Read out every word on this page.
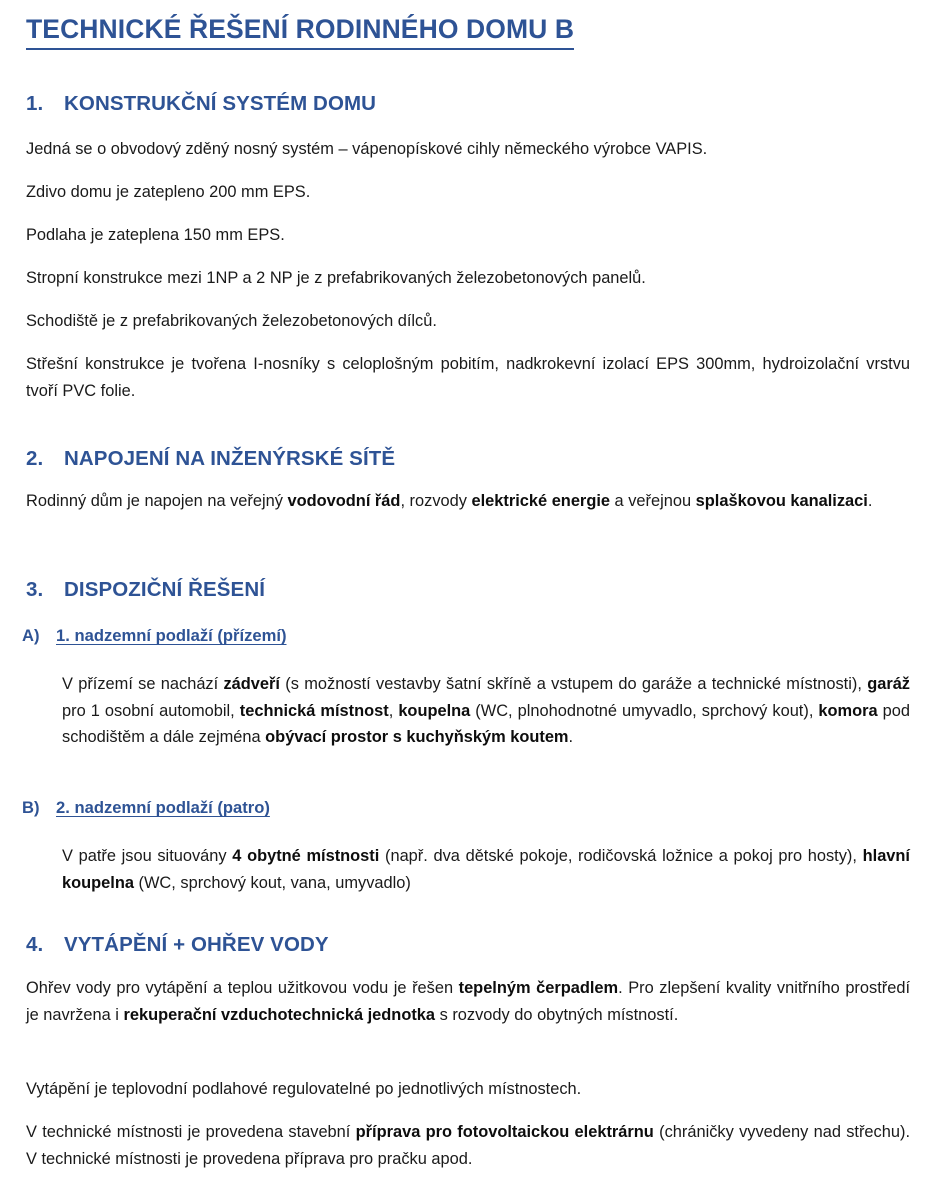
TECHNICKÉ ŘEŠENÍ RODINNÉHO DOMU B
1. KONSTRUKČNÍ SYSTÉM DOMU
Jedná se o obvodový zděný nosný systém – vápenopískové cihly německého výrobce VAPIS.
Zdivo domu je zatepleno 200 mm EPS.
Podlaha je zateplena 150 mm EPS.
Stropní konstrukce mezi 1NP a 2 NP je z prefabrikovaných železobetonových panelů.
Schodiště je z prefabrikovaných železobetonových dílců.
Střešní konstrukce je tvořena I-nosníky s celoplošným pobitím, nadkrokevní izolací EPS 300mm, hydroizolační vrstvu tvoří PVC folie.
2. NAPOJENÍ NA INŽENÝRSKÉ SÍTĚ
Rodinný dům je napojen na veřejný vodovodní řád, rozvody elektrické energie a veřejnou splaškovou kanalizaci.
3. DISPOZIČNÍ ŘEŠENÍ
A) 1. nadzemní podlaží (přízemí)
V přízemí se nachází zádveří (s možností vestavby šatní skříně a vstupem do garáže a technické místnosti), garáž pro 1 osobní automobil, technická místnost, koupelna (WC, plnohodnotné umyvadlo, sprchový kout), komora pod schodištěm a dále zejména obývací prostor s kuchyňským koutem.
B) 2. nadzemní podlaží (patro)
V patře jsou situovány 4 obytné místnosti (např. dva dětské pokoje, rodičovská ložnice a pokoj pro hosty), hlavní koupelna (WC, sprchový kout, vana, umyvadlo)
4. VYTÁPĚNÍ + OHŘEV VODY
Ohřev vody pro vytápění a teplou užitkovou vodu je řešen tepelným čerpadlem. Pro zlepšení kvality vnitřního prostředí je navržena i rekuperační vzduchotechnická jednotka s rozvody do obytných místností.
Vytápění je teplovodní podlahové regulovatelné po jednotlivých místnostech.
V technické místnosti je provedena stavební příprava pro fotovoltaickou elektrárnu (chráničky vyvedeny nad střechu). V technické místnosti je provedena příprava pro pračku apod.
